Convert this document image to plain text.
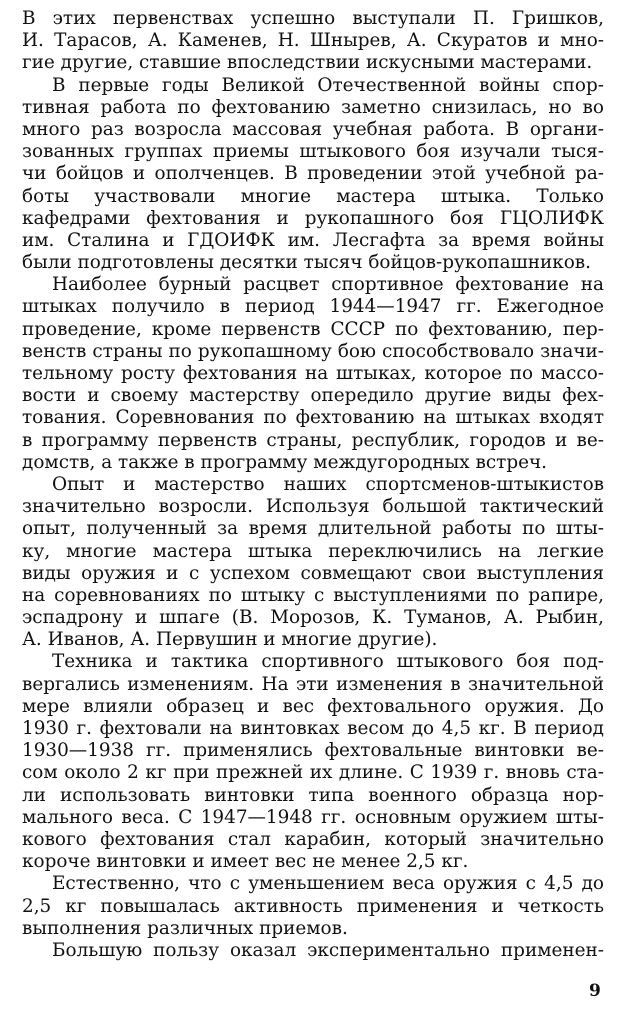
В этих первенствах успешно выступали П. Гришков,
И. Тарасов, А. Каменев, Н. Шнырев, А. Скуратов и мно-
гие другие, ставшие впоследствии искусными мастерами.
В первые годы Великой Отечественной войны спор-
тивная работа по фехтованию заметно снизилась, но во
много раз возросла массовая учебная работа. В органи-
зованных группах приемы штыкового боя изучали тыся-
чи бойцов и ополченцев. В проведении этой учебной ра-
боты участвовали многие мастера штыка. Только
кафедрами фехтования и рукопашного боя ГЦОЛИФК
им. Сталина и ГДОИФК им. Лесгафта за время войны
были подготовлены десятки тысяч бойцов-рукопашников.
Наиболее бурный расцвет спортивное фехтование на
штыках получило в период 1944—1947 гг. Ежегодное
проведение, кроме первенств СССР по фехтованию, пер-
венств страны по рукопашному бою способствовало значи-
тельному росту фехтования на штыках, которое по массо-
вости и своему мастерству опередило другие виды фех-
тования. Соревнования по фехтованию на штыках входят
в программу первенств страны, республик, городов и ве-
домств, а также в программу междугородных встреч.
Опыт и мастерство наших спортсменов-штыкистов
значительно возросли. Используя большой тактический
опыт, полученный за время длительной работы по шты-
ку, многие мастера штыка переключились на легкие
виды оружия и с успехом совмещают свои выступления
на соревнованиях по штыку с выступлениями по рапире,
эспадрону и шпаге (В. Морозов, К. Туманов, А. Рыбин,
А. Иванов, А. Первушин и многие другие).
Техника и тактика спортивного штыкового боя под-
вергались изменениям. На эти изменения в значительной
мере влияли образец и вес фехтовального оружия. До
1930 г. фехтовали на винтовках весом до 4,5 кг. В период
1930—1938 гг. применялись фехтовальные винтовки ве-
сом около 2 кг при прежней их длине. С 1939 г. вновь ста-
ли использовать винтовки типа военного образца нор-
мального веса. С 1947—1948 гг. основным оружием шты-
кового фехтования стал карабин, который значительно
короче винтовки и имеет вес не менее 2,5 кг.
Естественно, что с уменьшением веса оружия с 4,5 до
2,5 кг повышалась активность применения и четкость
выполнения различных приемов.
Большую пользу оказал экспериментально применен-
9
